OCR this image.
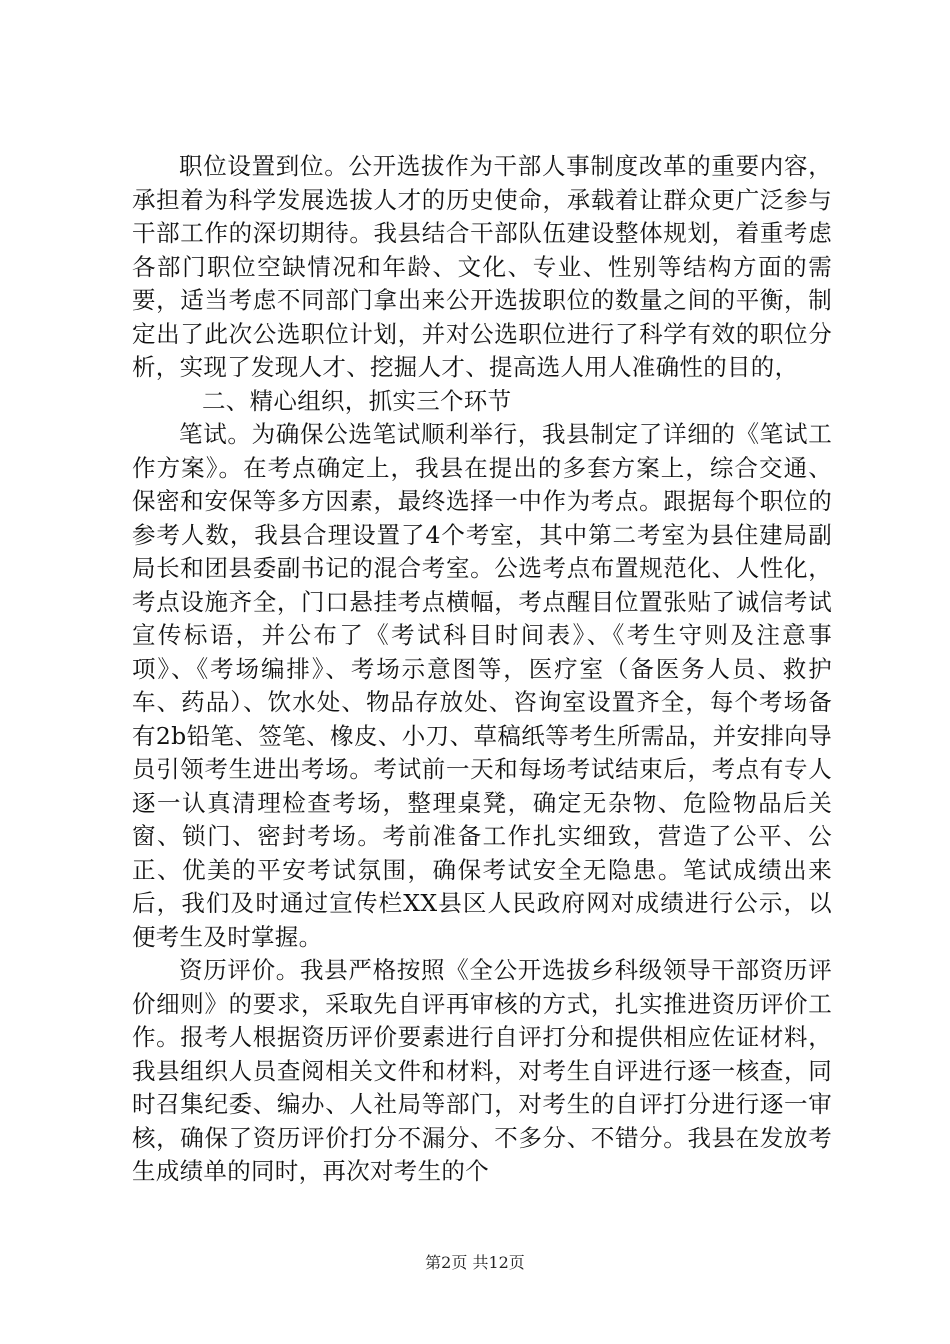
职位设置到位。公开选拔作为干部人事制度改革的重要内容，承担着为科学发展选拔人才的历史使命，承载着让群众更广泛参与干部工作的深切期待。我县结合干部队伍建设整体规划，着重考虑各部门职位空缺情况和年龄、文化、专业、性别等结构方面的需要，适当考虑不同部门拿出来公开选拔职位的数量之间的平衡，制定出了此次公选职位计划，并对公选职位进行了科学有效的职位分析，实现了发现人才、挖掘人才、提高选人用人准确性的目的，

二、精心组织，抓实三个环节

笔试。为确保公选笔试顺利举行，我县制定了详细的《笔试工作方案》。在考点确定上，我县在提出的多套方案上，综合交通、保密和安保等多方因素，最终选择一中作为考点。跟据每个职位的参考人数，我县合理设置了4个考室，其中第二考室为县住建局副局长和团县委副书记的混合考室。公选考点布置规范化、人性化，考点设施齐全，门口悬挂考点横幅，考点醒目位置张贴了诚信考试宣传标语，并公布了《考试科目时间表》、《考生守则及注意事项》、《考场编排》、考场示意图等，医疗室（备医务人员、救护车、药品）、饮水处、物品存放处、咨询室设置齐全，每个考场备有2b铅笔、签笔、橡皮、小刀、草稿纸等考生所需品，并安排向导员引领考生进出考场。考试前一天和每场考试结束后，考点有专人逐一认真清理检查考场，整理桌凳，确定无杂物、危险物品后关窗、锁门、密封考场。考前准备工作扎实细致，营造了公平、公正、优美的平安考试氛围，确保考试安全无隐患。笔试成绩出来后，我们及时通过宣传栏XX县区人民政府网对成绩进行公示，以便考生及时掌握。

资历评价。我县严格按照《全公开选拔乡科级领导干部资历评价细则》的要求，采取先自评再审核的方式，扎实推进资历评价工作。报考人根据资历评价要素进行自评打分和提供相应佐证材料，我县组织人员查阅相关文件和材料，对考生自评进行逐一核查，同时召集纪委、编办、人社局等部门，对考生的自评打分进行逐一审核，确保了资历评价打分不漏分、不多分、不错分。我县在发放考生成绩单的同时，再次对考生的个

第2页 共12页
